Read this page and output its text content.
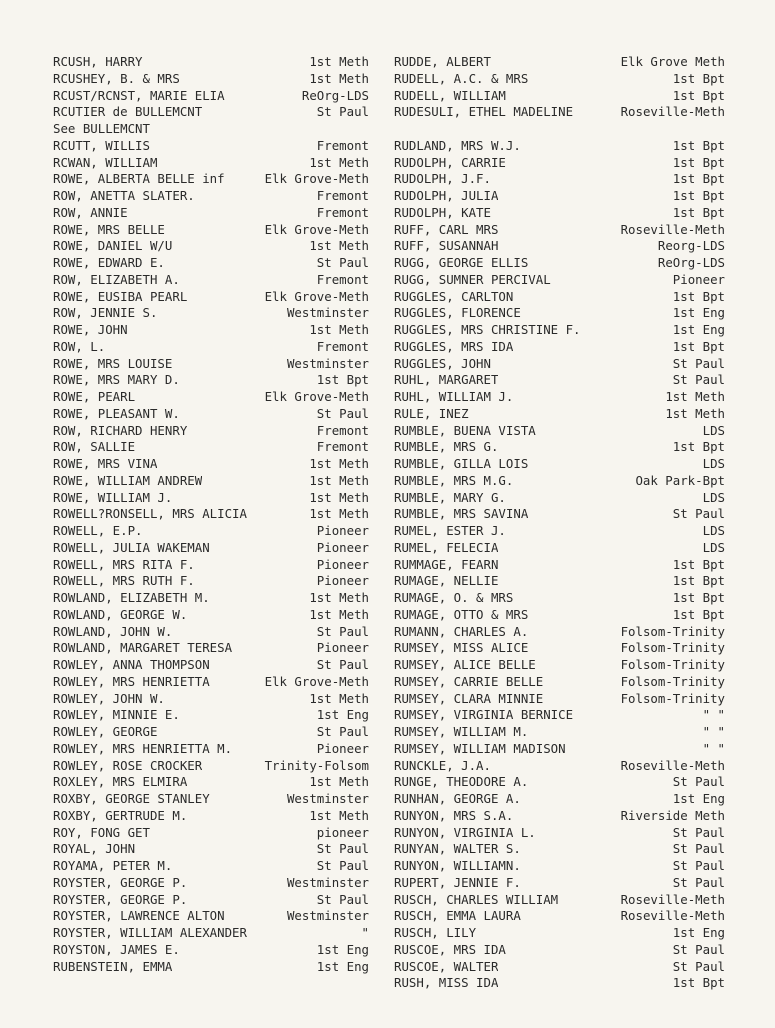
RCUSH, HARRY	1st Meth
RCUSHEY, B. & MRS	1st Meth
RCUST/RCNST, MARIE ELIA	ReOrg-LDS
RCUTIER de BULLEMCNT	St Paul
See BULLEMCNT
RCUTT, WILLIS	Fremont
RCWAN, WILLIAM	1st Meth
ROWE, ALBERTA BELLE inf	Elk Grove-Meth
ROW, ANETTA SLATER.	Fremont
ROW, ANNIE	Fremont
ROWE, MRS BELLE	Elk Grove-Meth
ROWE, DANIEL W/U	1st Meth
ROWE, EDWARD E.	St Paul
ROW, ELIZABETH A.	Fremont
ROWE, EUSIBA PEARL	Elk Grove-Meth
ROW, JENNIE S.	Westminster
ROWE, JOHN	1st Meth
ROW, L.	Fremont
ROWE, MRS LOUISE	Westminster
ROWE, MRS MARY D.	1st Bpt
ROWE, PEARL	Elk Grove-Meth
ROWE, PLEASANT W.	St Paul
ROW, RICHARD HENRY	Fremont
ROW, SALLIE	Fremont
ROWE, MRS VINA	1st Meth
ROWE, WILLIAM ANDREW	1st Meth
ROWE, WILLIAM J.	1st Meth
ROWELL?RONSELL, MRS ALICIA	1st Meth
ROWELL, E.P.	Pioneer
ROWELL, JULIA WAKEMAN	Pioneer
ROWELL, MRS RITA F.	Pioneer
ROWELL, MRS RUTH F.	Pioneer
ROWLAND, ELIZABETH M.	1st Meth
ROWLAND, GEORGE W.	1st Meth
ROWLAND, JOHN W.	St Paul
ROWLAND, MARGARET TERESA	Pioneer
ROWLEY, ANNA THOMPSON	St Paul
ROWLEY, MRS HENRIETTA	Elk Grove-Meth
ROWLEY, JOHN W.	1st Meth
ROWLEY, MINNIE E.	1st Eng
ROWLEY, GEORGE	St Paul
ROWLEY, MRS HENRIETTA M.	Pioneer
ROWLEY, ROSE CROCKER	Trinity-Folsom
ROXLEY, MRS ELMIRA	1st Meth
ROXBY, GEORGE STANLEY	Westminster
ROXBY, GERTRUDE M.	1st Meth
ROY, FONG GET	pioneer
ROYAL, JOHN	St Paul
ROYAMA, PETER M.	St Paul
ROYSTER, GEORGE P.	Westminster
ROYSTER, GEORGE P.	St Paul
ROYSTER, LAWRENCE ALTON	Westminster
ROYSTER, WILLIAM ALEXANDER	"
ROYSTON, JAMES E.	1st Eng
RUBENSTEIN, EMMA	1st Eng
RUDDE, ALBERT	Elk Grove Meth
RUDELL, A.C. & MRS	1st Bpt
RUDELL, WILLIAM	1st Bpt
RUDESULI, ETHEL MADELINE	Roseville-Meth
RUDLAND, MRS W.J.	1st Bpt
RUDOLPH, CARRIE	1st Bpt
RUDOLPH, J.F.	1st Bpt
RUDOLPH, JULIA	1st Bpt
RUDOLPH, KATE	1st Bpt
RUFF, CARL MRS	Roseville-Meth
RUFF, SUSANNAH	Reorg-LDS
RUGG, GEORGE ELLIS	ReOrg-LDS
RUGG, SUMNER PERCIVAL	Pioneer
RUGGLES, CARLTON	1st Bpt
RUGGLES, FLORENCE	1st Eng
RUGGLES, MRS CHRISTINE F.	1st Eng
RUGGLES, MRS IDA	1st Bpt
RUGGLES, JOHN	St Paul
RUHL, MARGARET	St Paul
RUHL, WILLIAM J.	1st Meth
RULE, INEZ	1st Meth
RUMBLE, BUENA VISTA	LDS
RUMBLE, MRS G.	1st Bpt
RUMBLE, GILLA LOIS	LDS
RUMBLE, MRS M.G.	Oak Park-Bpt
RUMBLE, MARY G.	LDS
RUMBLE, MRS SAVINA	St Paul
RUMEL, ESTER J.	LDS
RUMEL, FELECIA	LDS
RUMMAGE, FEARN	1st Bpt
RUMAGE, NELLIE	1st Bpt
RUMAGE, O. & MRS	1st Bpt
RUMAGE, OTTO & MRS	1st Bpt
RUMANN, CHARLES A.	Folsom-Trinity
RUMSEY, MISS ALICE	Folsom-Trinity
RUMSEY, ALICE BELLE	Folsom-Trinity
RUMSEY, CARRIE BELLE	Folsom-Trinity
RUMSEY, CLARA MINNIE	Folsom-Trinity
RUMSEY, VIRGINIA BERNICE	" "
RUMSEY, WILLIAM M.	" "
RUMSEY, WILLIAM MADISON	" "
RUNCKLE, J.A.	Roseville-Meth
RUNGE, THEODORE A.	St Paul
RUNHAN, GEORGE A.	1st Eng
RUNYON, MRS S.A.	Riverside Meth
RUNYON, VIRGINIA L.	St Paul
RUNYAN, WALTER S.	St Paul
RUNYON, WILLIAMN.	St Paul
RUPERT, JENNIE F.	St Paul
RUSCH, CHARLES WILLIAM	Roseville-Meth
RUSCH, EMMA LAURA	Roseville-Meth
RUSCH, LILY	1st Eng
RUSCOE, MRS IDA	St Paul
RUSCOE, WALTER	St Paul
RUSH, MISS IDA	1st Bpt
